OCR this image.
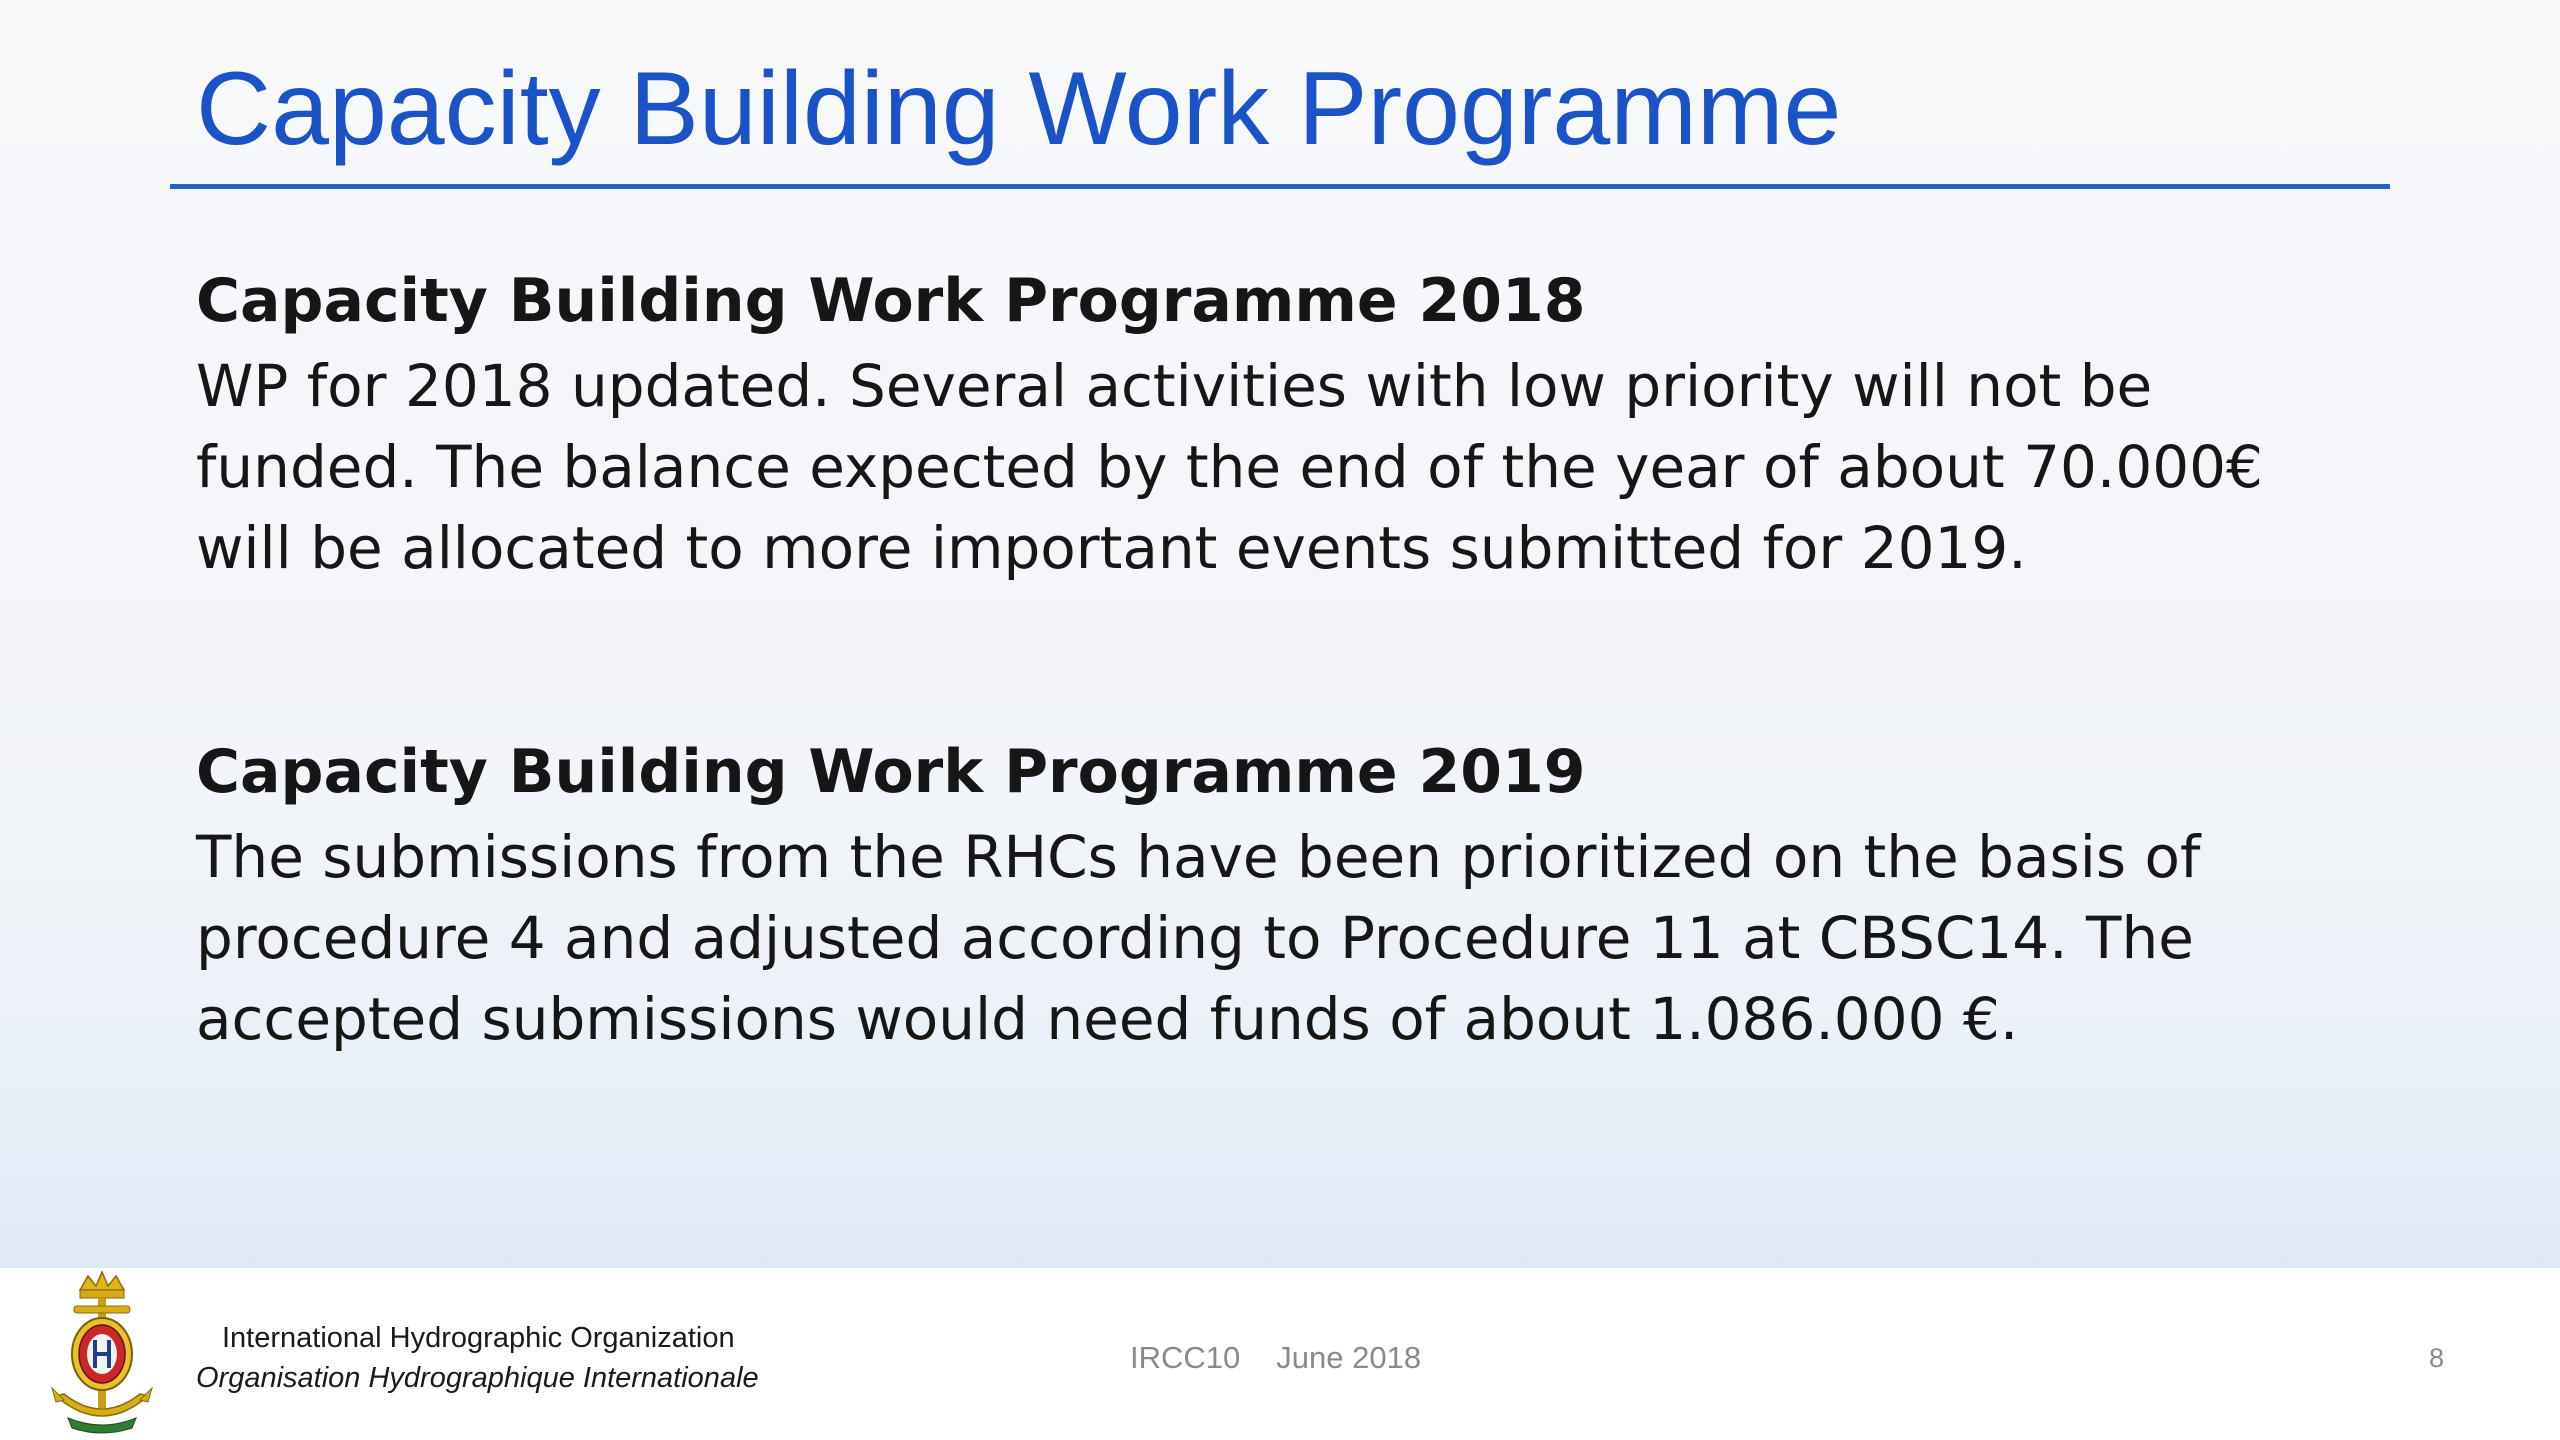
Capacity Building Work Programme
Capacity Building Work Programme 2018

WP for 2018 updated. Several activities with low priority will not be
funded. The balance expected by the end of the year of about 70.000€
will be allocated to more important events submitted for 2019.

Capacity Building Work Programme 2019

The submissions from the RHCs have been prioritized on the basis of
procedure 4 and adjusted according to Procedure 11 at CBSC14. The
accepted submissions would need funds of about 1.086.000 €.

International Hydrographic Organization
Organisation Hydrographique Internationale
IRCC10 June 2018	8
